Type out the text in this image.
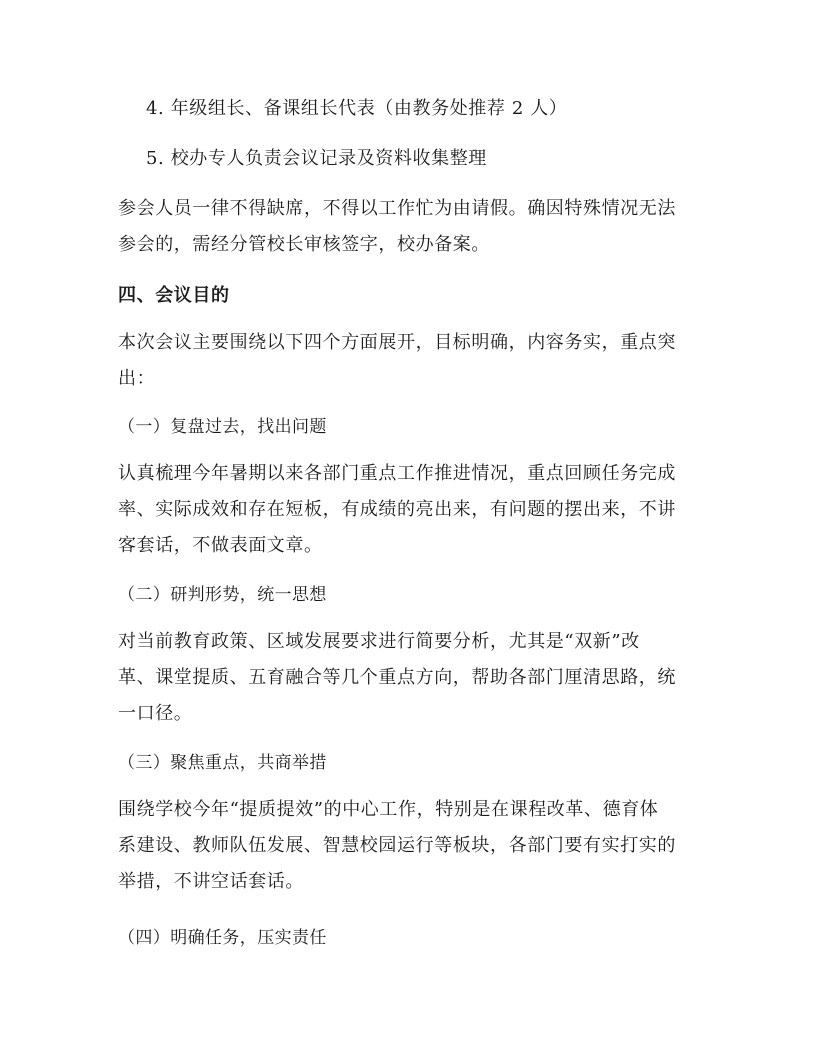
4. 年级组长、备课组长代表（由教务处推荐 2 人）
5. 校办专人负责会议记录及资料收集整理
参会人员一律不得缺席，不得以工作忙为由请假。确因特殊情况无法
参会的，需经分管校长审核签字，校办备案。
四、会议目的
本次会议主要围绕以下四个方面展开，目标明确，内容务实，重点突
出：
（一）复盘过去，找出问题
认真梳理今年暑期以来各部门重点工作推进情况，重点回顾任务完成
率、实际成效和存在短板，有成绩的亮出来，有问题的摆出来，不讲
客套话，不做表面文章。
（二）研判形势，统一思想
对当前教育政策、区域发展要求进行简要分析，尤其是“双新”改
革、课堂提质、五育融合等几个重点方向，帮助各部门厘清思路，统
一口径。
（三）聚焦重点，共商举措
围绕学校今年“提质提效”的中心工作，特别是在课程改革、德育体
系建设、教师队伍发展、智慧校园运行等板块，各部门要有实打实的
举措，不讲空话套话。
（四）明确任务，压实责任
